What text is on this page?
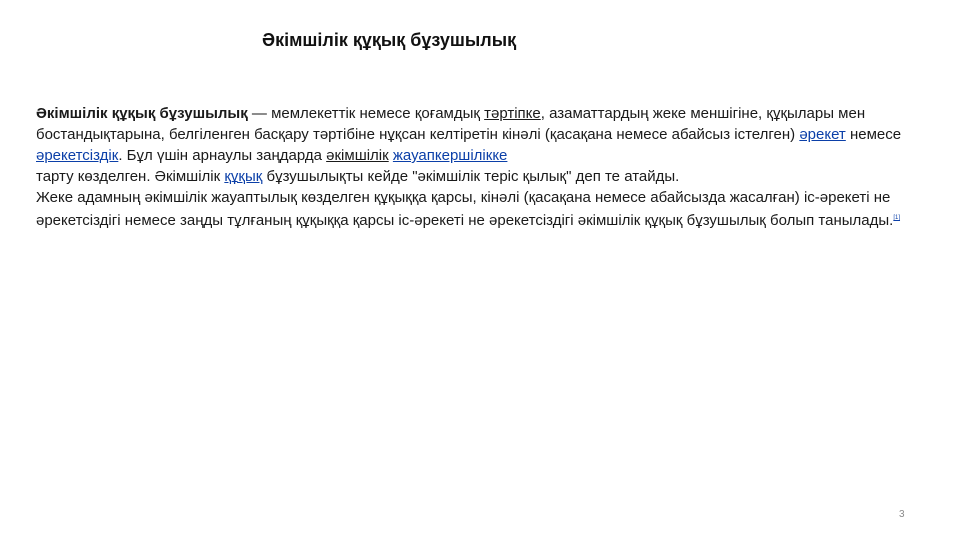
Әкімшілік құқық бұзушылық
Әкімшілік құқық бұзушылық — мемлекеттік немесе қоғамдық тәртіпке, азаматтардың жеке меншігіне, құқылары мен бостандықтарына, белгіленген басқару тәртібіне нұқсан келтіретін кінәлі (қасақана немесе абайсыз істелген) әрекет немесе әрекетсіздік. Бұл үшін арнаулы заңдарда әкімшілік жауапкершілікке
тарту көзделген. Әкімшілік құқық бұзушылықты кейде "әкімшілік теріс қылық" деп те атайды.
Жеке адамның әкімшілік жауаптылық көзделген құқыққа қарсы, кінәлі (қасақана немесе абайсызда жасалған) іс-әрекеті не әрекетсіздігі немесе заңды тұлғаның құқыққа қарсы іс-әрекеті не әрекетсіздігі әкімшілік құқық бұзушылық болып танылады.[1]
3
